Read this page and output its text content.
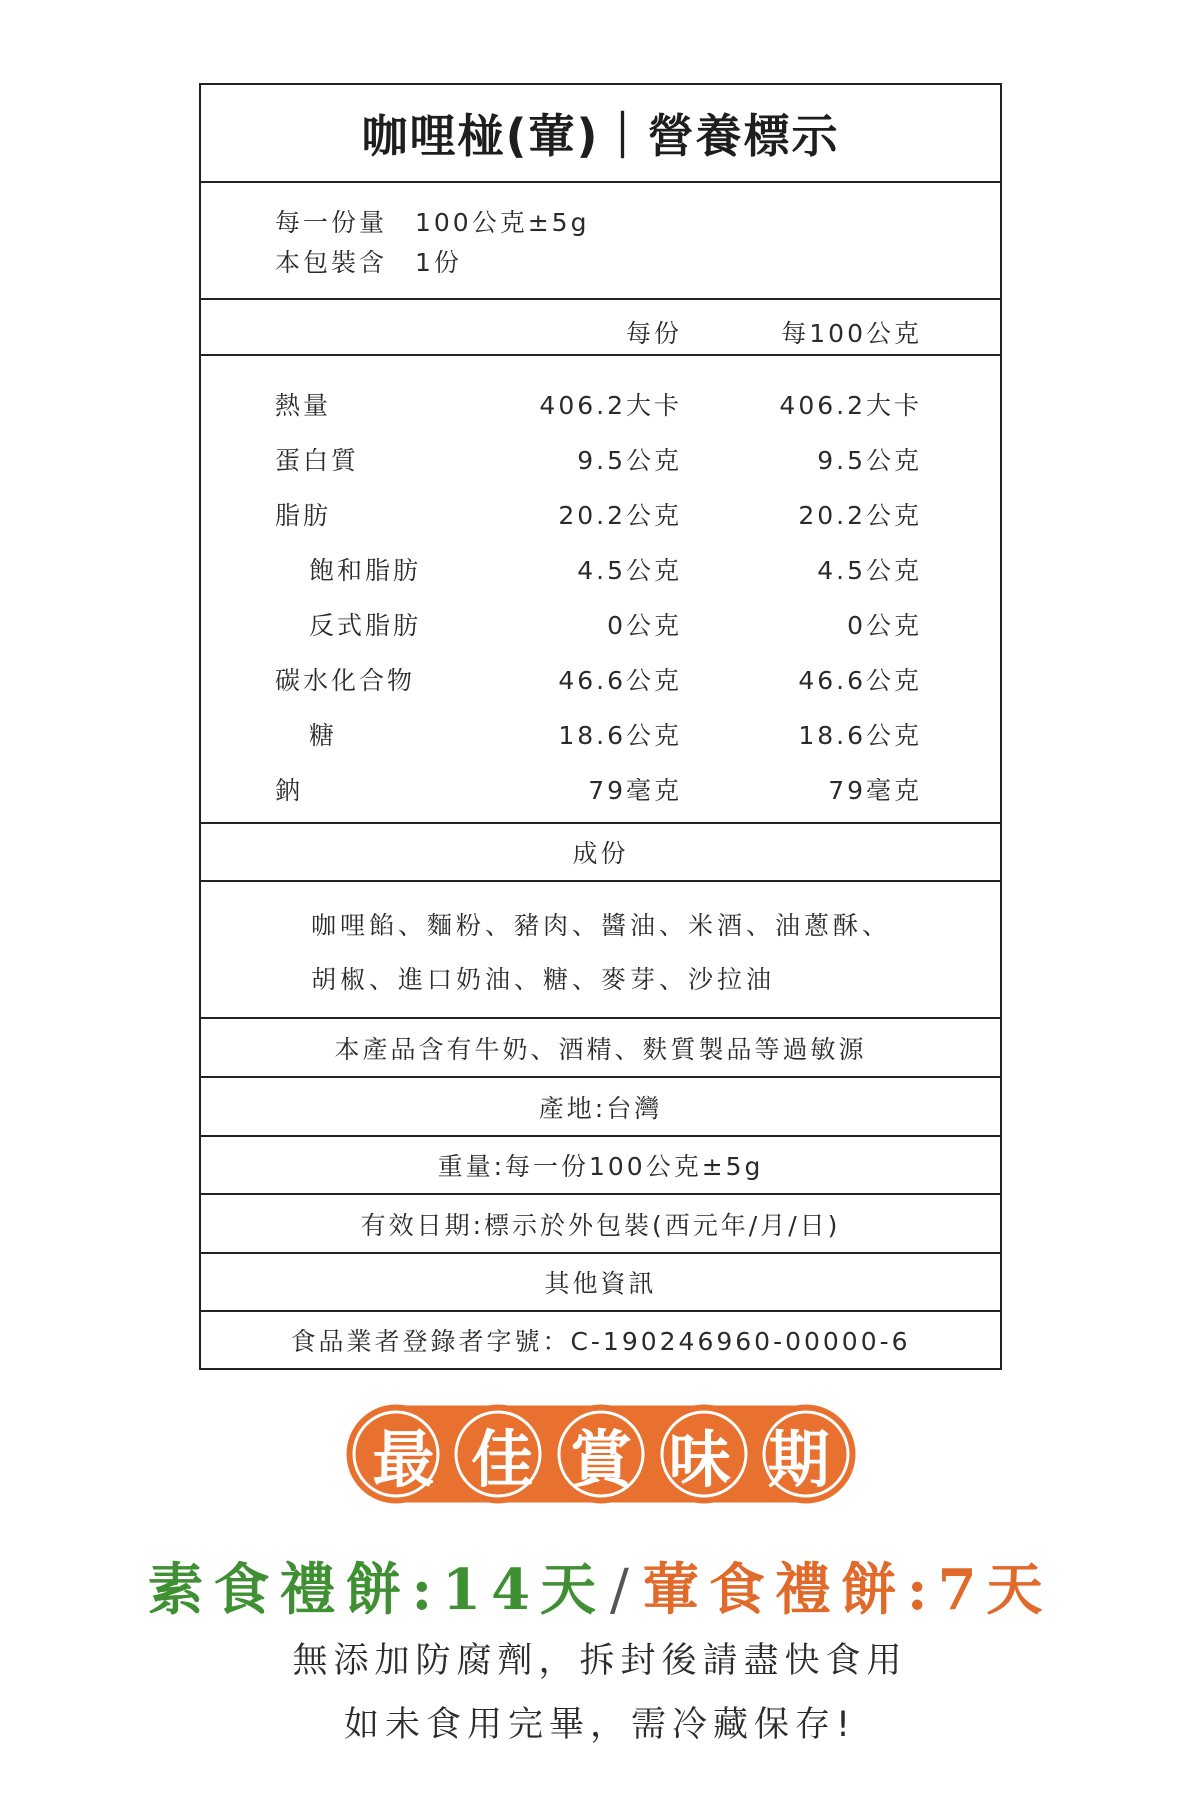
咖哩椪(葷)｜營養標示
每一份量　100公克±5g
本包裝含　1份
每份	每100公克
熱量	406.2大卡	406.2大卡
蛋白質	9.5公克	9.5公克
脂肪	20.2公克	20.2公克
飽和脂肪	4.5公克	4.5公克
反式脂肪	0公克	0公克
碳水化合物	46.6公克	46.6公克
糖	18.6公克	18.6公克
鈉	79毫克	79毫克
成份
咖哩餡、麵粉、豬肉、醬油、米酒、油蔥酥、
胡椒、進口奶油、糖、麥芽、沙拉油
本產品含有牛奶、酒精、麩質製品等過敏源
產地:台灣
重量:每一份100公克±5g
有效日期:標示於外包裝(西元年/月/日)
其他資訊
食品業者登錄者字號：C-190246960-00000-6
最 佳 賞 味 期
素食禮餅:14天/葷食禮餅:7天
無添加防腐劑，拆封後請盡快食用
如未食用完畢，需冷藏保存!
